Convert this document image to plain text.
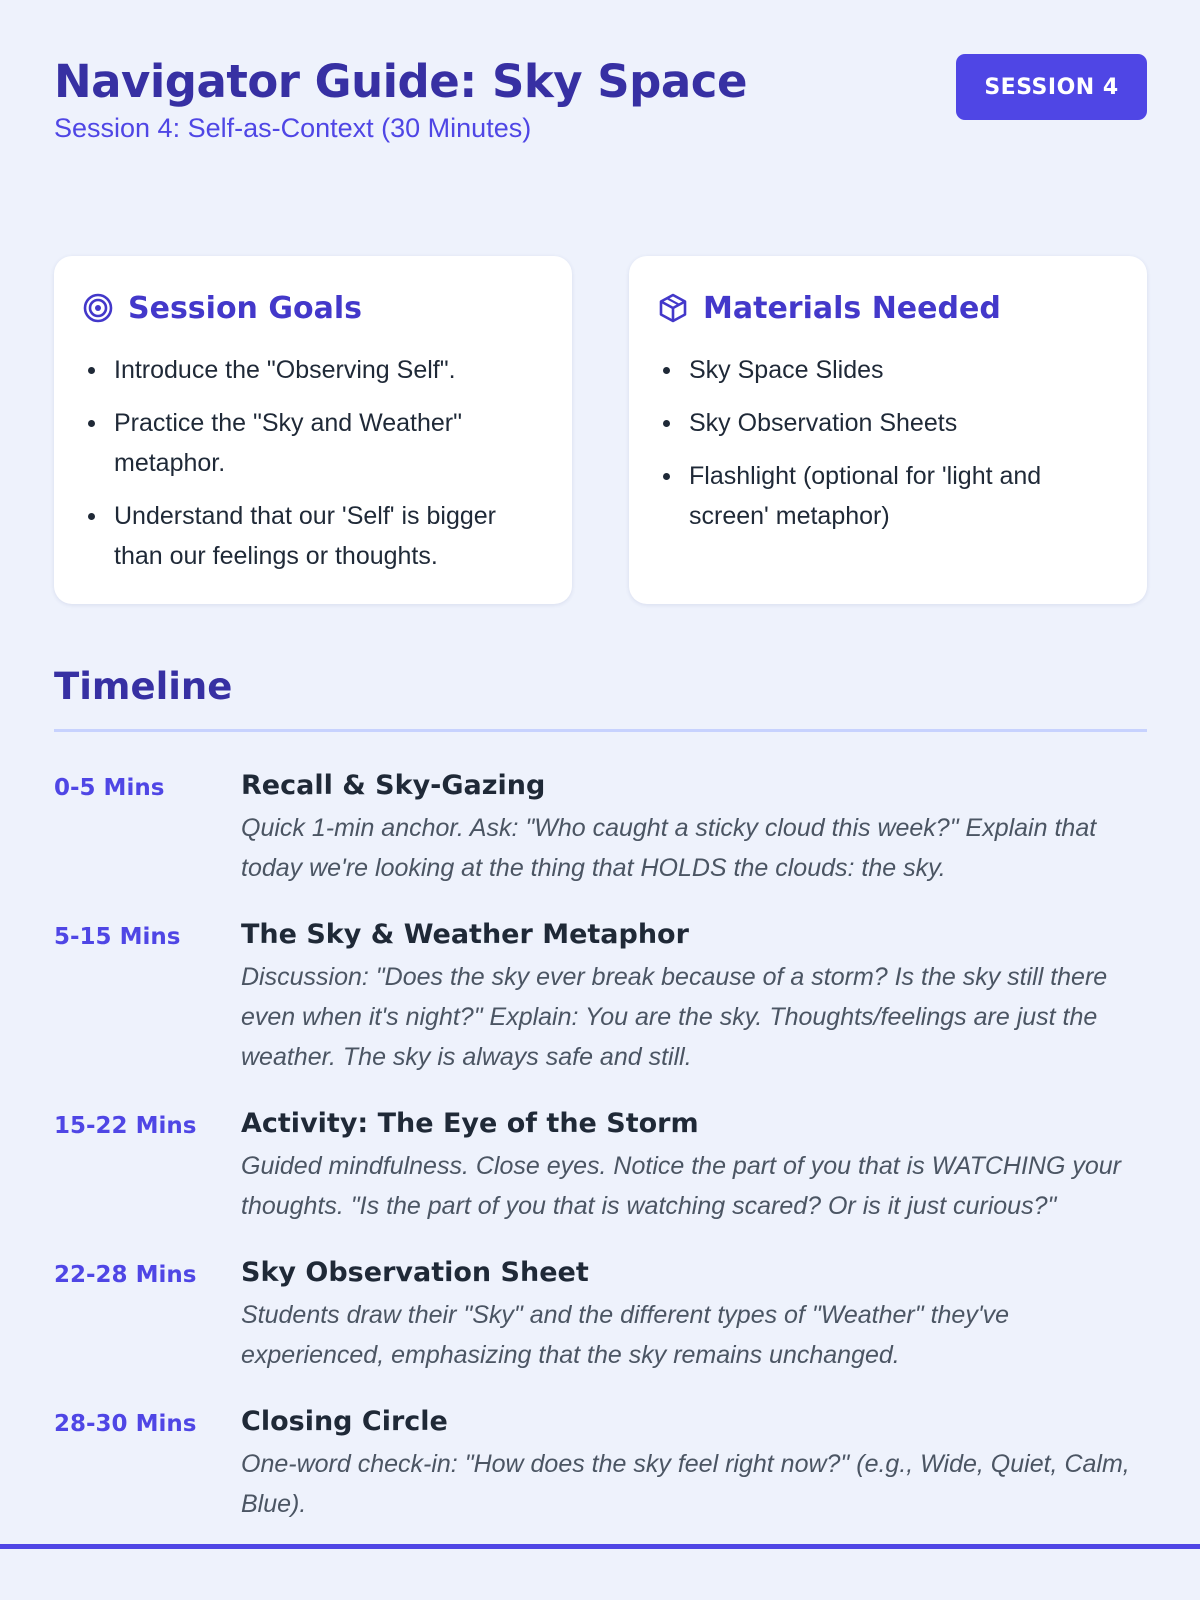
Navigator Guide: Sky Space
Session 4: Self-as-Context (30 Minutes)
SESSION 4
Session Goals
Introduce the "Observing Self".
Practice the "Sky and Weather" metaphor.
Understand that our 'Self' is bigger than our feelings or thoughts.
Materials Needed
Sky Space Slides
Sky Observation Sheets
Flashlight (optional for 'light and screen' metaphor)
Timeline
0-5 Mins	Recall & Sky-Gazing
Quick 1-min anchor. Ask: "Who caught a sticky cloud this week?" Explain that today we're looking at the thing that HOLDS the clouds: the sky.
5-15 Mins	The Sky & Weather Metaphor
Discussion: "Does the sky ever break because of a storm? Is the sky still there even when it's night?" Explain: You are the sky. Thoughts/feelings are just the weather. The sky is always safe and still.
15-22 Mins	Activity: The Eye of the Storm
Guided mindfulness. Close eyes. Notice the part of you that is WATCHING your thoughts. "Is the part of you that is watching scared? Or is it just curious?"
22-28 Mins	Sky Observation Sheet
Students draw their "Sky" and the different types of "Weather" they've experienced, emphasizing that the sky remains unchanged.
28-30 Mins	Closing Circle
One-word check-in: "How does the sky feel right now?" (e.g., Wide, Quiet, Calm, Blue).
